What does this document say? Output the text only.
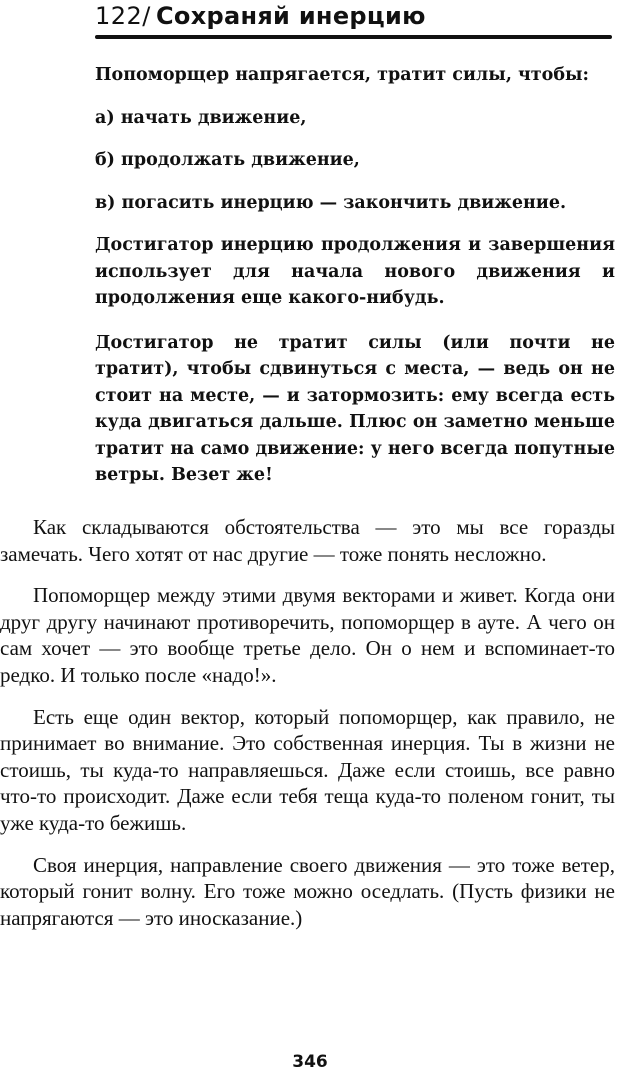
122/ Сохраняй инерцию

Попоморщер напрягается, тратит силы, чтобы:

а) начать движение,

б) продолжать движение,

в) погасить инерцию — закончить движение.

Достигатор инерцию продолжения и завершения использует для начала нового движения и продолжения еще какого-нибудь.

Достигатор не тратит силы (или почти не тратит), чтобы сдвинуться с места, — ведь он не стоит на месте, — и затормозить: ему всегда есть куда двигаться дальше. Плюс он заметно меньше тратит на само движение: у него всегда попутные ветры. Везет же!

Как складываются обстоятельства — это мы все горазды замечать. Чего хотят от нас другие — тоже понять несложно.

Попоморщер между этими двумя векторами и живет. Когда они друг другу начинают противоречить, попоморщер в ауте. А чего он сам хочет — это вообще третье дело. Он о нем и вспоминает-то редко. И только после «надо!».

Есть еще один вектор, который попоморщер, как правило, не принимает во внимание. Это собственная инерция. Ты в жизни не стоишь, ты куда-то направляешься. Даже если стоишь, все равно что-то происходит. Даже если тебя теща куда-то поленом гонит, ты уже куда-то бежишь.

Своя инерция, направление своего движения — это тоже ветер, который гонит волну. Его тоже можно оседлать. (Пусть физики не напрягаются — это иносказание.)

346
